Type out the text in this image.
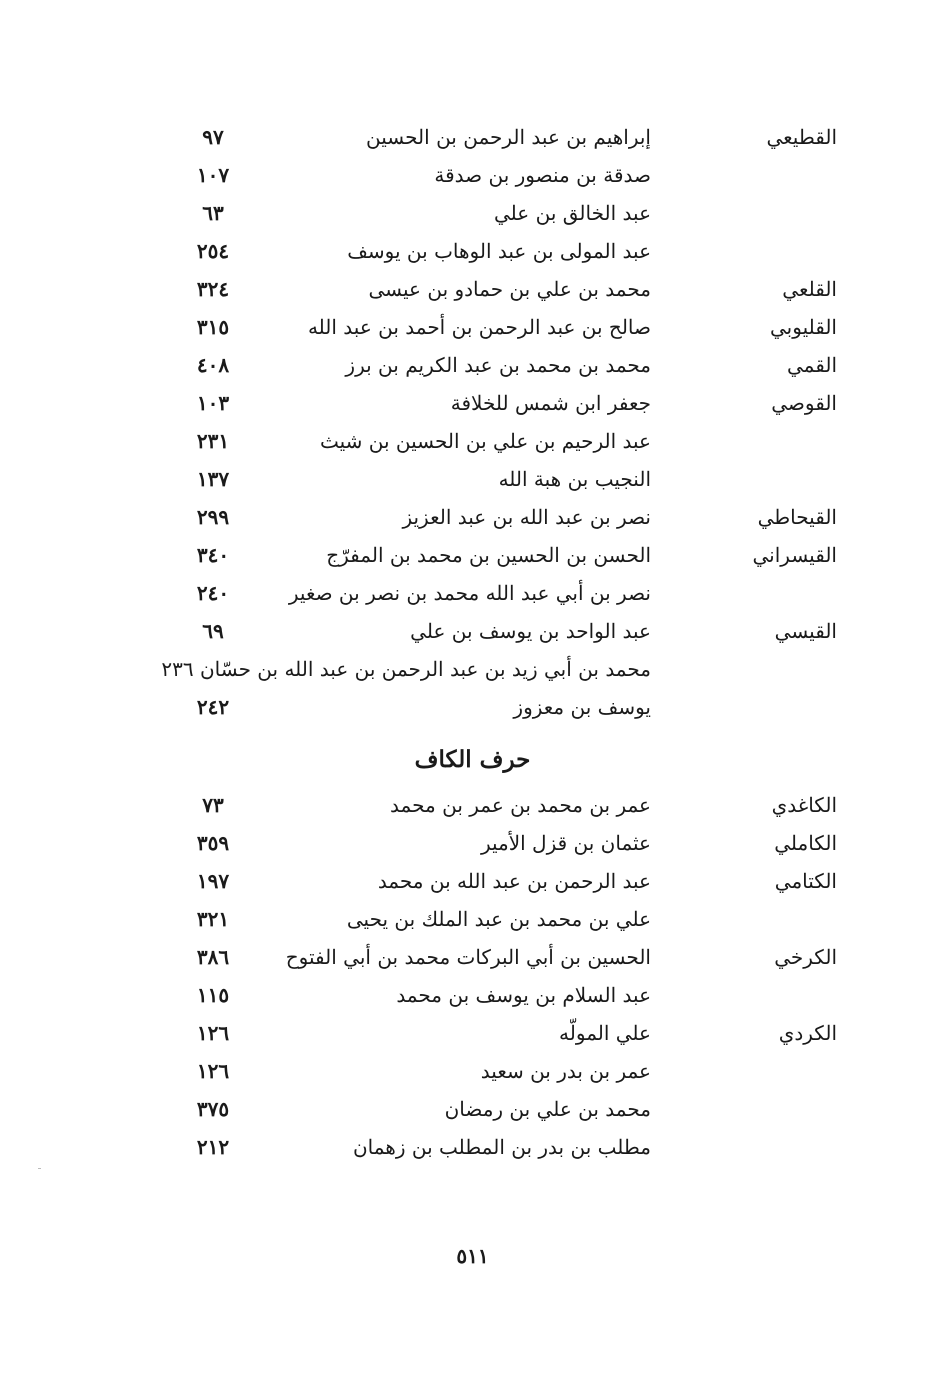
القطيعي
إبراهيم بن عبد الرحمن بن الحسين
٩٧
صدقة بن منصور بن صدقة
١٠٧
عبد الخالق بن علي
٦٣
عبد المولى بن عبد الوهاب بن يوسف
٢٥٤
القلعي
محمد بن علي بن حمادو بن عيسى
٣٢٤
القليوبي
صالح بن عبد الرحمن بن أحمد بن عبد الله
٣١٥
القمي
محمد بن محمد بن عبد الكريم بن برز
٤٠٨
القوصي
جعفر ابن شمس للخلافة
١٠٣
عبد الرحيم بن علي بن الحسين بن شيث
٢٣١
النجيب بن هبة الله
١٣٧
القيحاطي
نصر بن عبد الله بن عبد العزيز
٢٩٩
القيسراني
الحسن بن الحسين بن محمد بن المفرّج
٣٤٠
نصر بن أبي عبد الله محمد بن نصر بن صغير
٢٤٠
القيسي
عبد الواحد بن يوسف بن علي
٦٩
محمد بن أبي زيد بن عبد الرحمن بن عبد الله بن حسّان ٢٣٦
يوسف بن معزوز
٢٤٢
حرف الكاف
الكاغدي
عمر بن محمد بن عمر بن محمد
٧٣
الكاملي
عثمان بن قزل الأمير
٣٥٩
الكتامي
عبد الرحمن بن عبد الله بن محمد
١٩٧
علي بن محمد بن عبد الملك بن يحيى
٣٢١
الكرخي
الحسين بن أبي البركات محمد بن أبي الفتوح
٣٨٦
عبد السلام بن يوسف بن محمد
١١٥
الكردي
علي المولّه
١٢٦
عمر بن بدر بن سعيد
١٢٦
محمد بن علي بن رمضان
٣٧٥
مطلب بن بدر بن المطلب بن زهمان
٢١٢
٥١١
